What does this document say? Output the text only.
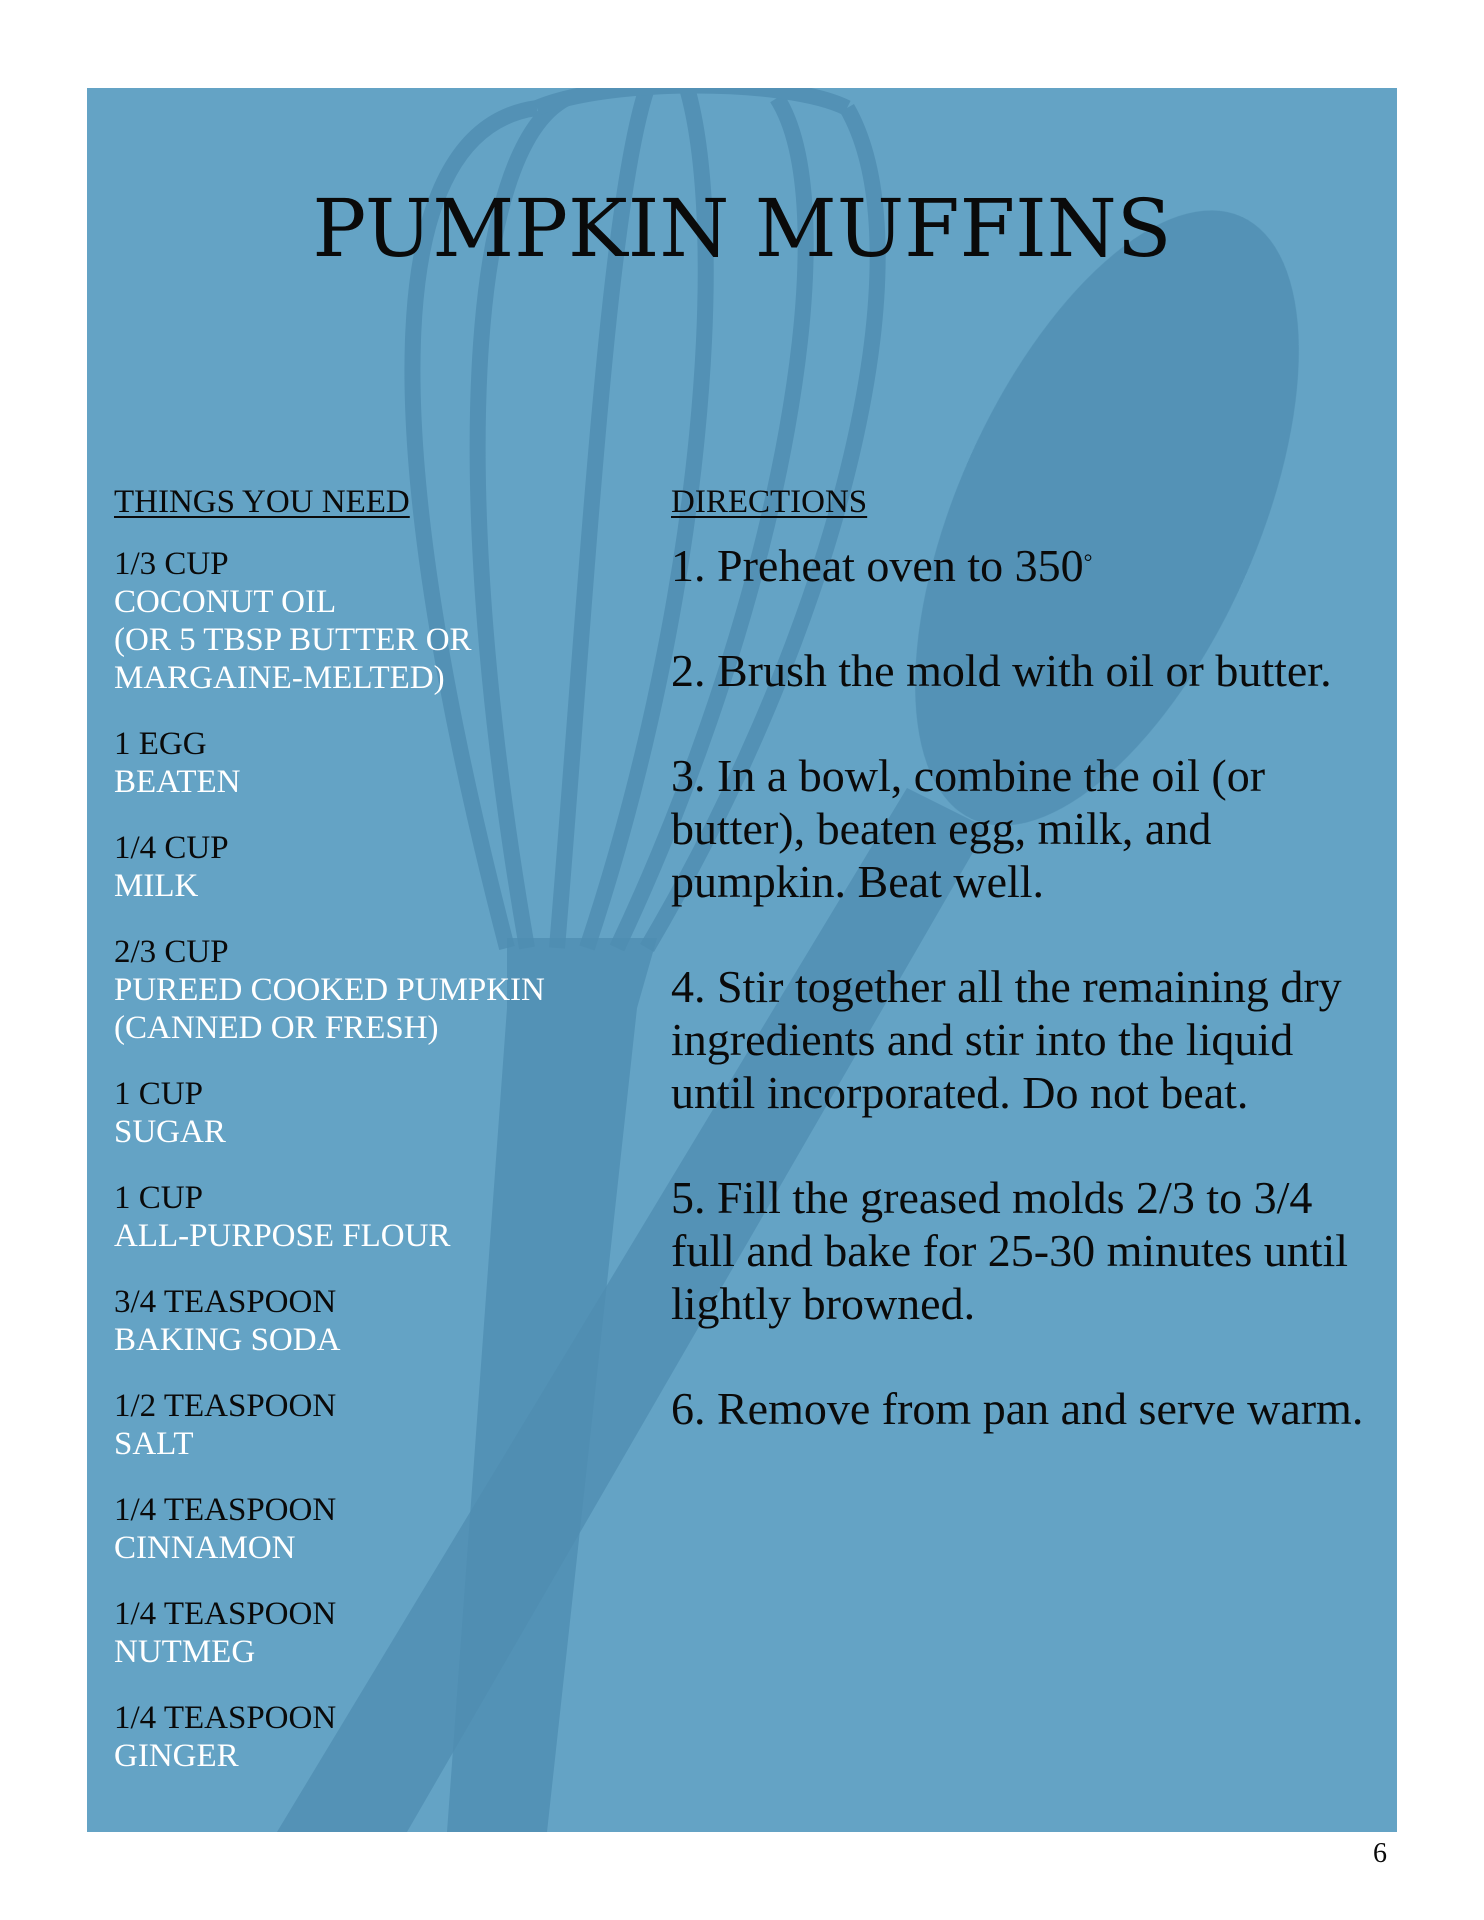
PUMPKIN MUFFINS
THINGS YOU NEED
1/3 CUP
COCONUT OIL
(OR 5 TBSP BUTTER OR
MARGAINE-MELTED)
1 EGG
BEATEN
1/4 CUP
MILK
2/3 CUP
PUREED COOKED PUMPKIN
(CANNED OR FRESH)
1 CUP
SUGAR
1 CUP
ALL-PURPOSE FLOUR
3/4 TEASPOON
BAKING SODA
1/2 TEASPOON
SALT
1/4 TEASPOON
CINNAMON
1/4 TEASPOON
NUTMEG
1/4 TEASPOON
GINGER
DIRECTIONS
1. Preheat oven to 350°
2. Brush the mold with oil or butter.
3. In a bowl, combine the oil (or butter), beaten egg, milk, and pumpkin. Beat well.
4. Stir together all the remaining dry ingredients and stir into the liquid until incorporated. Do not beat.
5. Fill the greased molds 2/3 to 3/4 full and bake for 25-30 minutes until lightly browned.
6. Remove from pan and serve warm.
6
